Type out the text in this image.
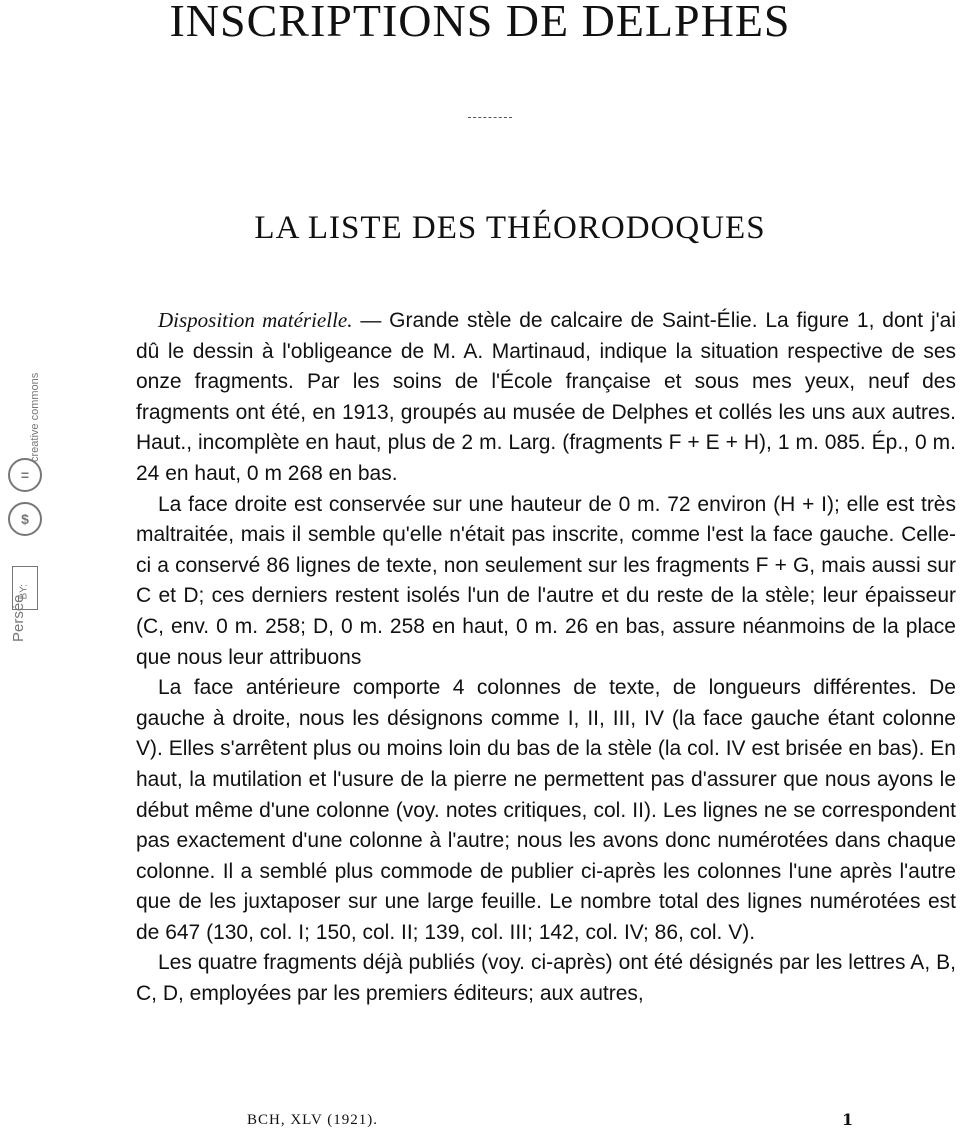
INSCRIPTIONS DE DELPHES
LA LISTE DES THÉORODOQUES
Persée
BY:
$
=
creative commons

Disposition matérielle. — Grande stèle de calcaire de Saint-Élie. La figure 1, dont j'ai dû le dessin à l'obligeance de M. A. Martinaud, indique la situation respective de ses onze fragments. Par les soins de l'École française et sous mes yeux, neuf des fragments ont été, en 1913, groupés au musée de Delphes et collés les uns aux autres. Haut., incomplète en haut, plus de 2 m. Larg. (fragments F + E + H), 1 m. 085. Ép., 0 m. 24 en haut, 0 m 268 en bas.

La face droite est conservée sur une hauteur de 0 m. 72 environ (H + I); elle est très maltraitée, mais il semble qu'elle n'était pas inscrite, comme l'est la face gauche. Celle-ci a conservé 86 lignes de texte, non seulement sur les fragments F + G, mais aussi sur C et D; ces derniers restent isolés l'un de l'autre et du reste de la stèle; leur épaisseur (C, env. 0 m. 258; D, 0 m. 258 en haut, 0 m. 26 en bas, assure néanmoins de la place que nous leur attribuons

La face antérieure comporte 4 colonnes de texte, de longueurs différentes. De gauche à droite, nous les désignons comme I, II, III, IV (la face gauche étant colonne V). Elles s'arrêtent plus ou moins loin du bas de la stèle (la col. IV est brisée en bas). En haut, la mutilation et l'usure de la pierre ne permettent pas d'assurer que nous ayons le début même d'une colonne (voy. notes critiques, col. II). Les lignes ne se correspondent pas exactement d'une colonne à l'autre; nous les avons donc numérotées dans chaque colonne. Il a semblé plus commode de publier ci-après les colonnes l'une après l'autre que de les juxtaposer sur une large feuille. Le nombre total des lignes numérotées est de 647 (130, col. I; 150, col. II; 139, col. III; 142, col. IV; 86, col. V).

Les quatre fragments déjà publiés (voy. ci-après) ont été désignés par les lettres A, B, C, D, employées par les premiers éditeurs; aux autres,

BCH, XLV (1921).	1
